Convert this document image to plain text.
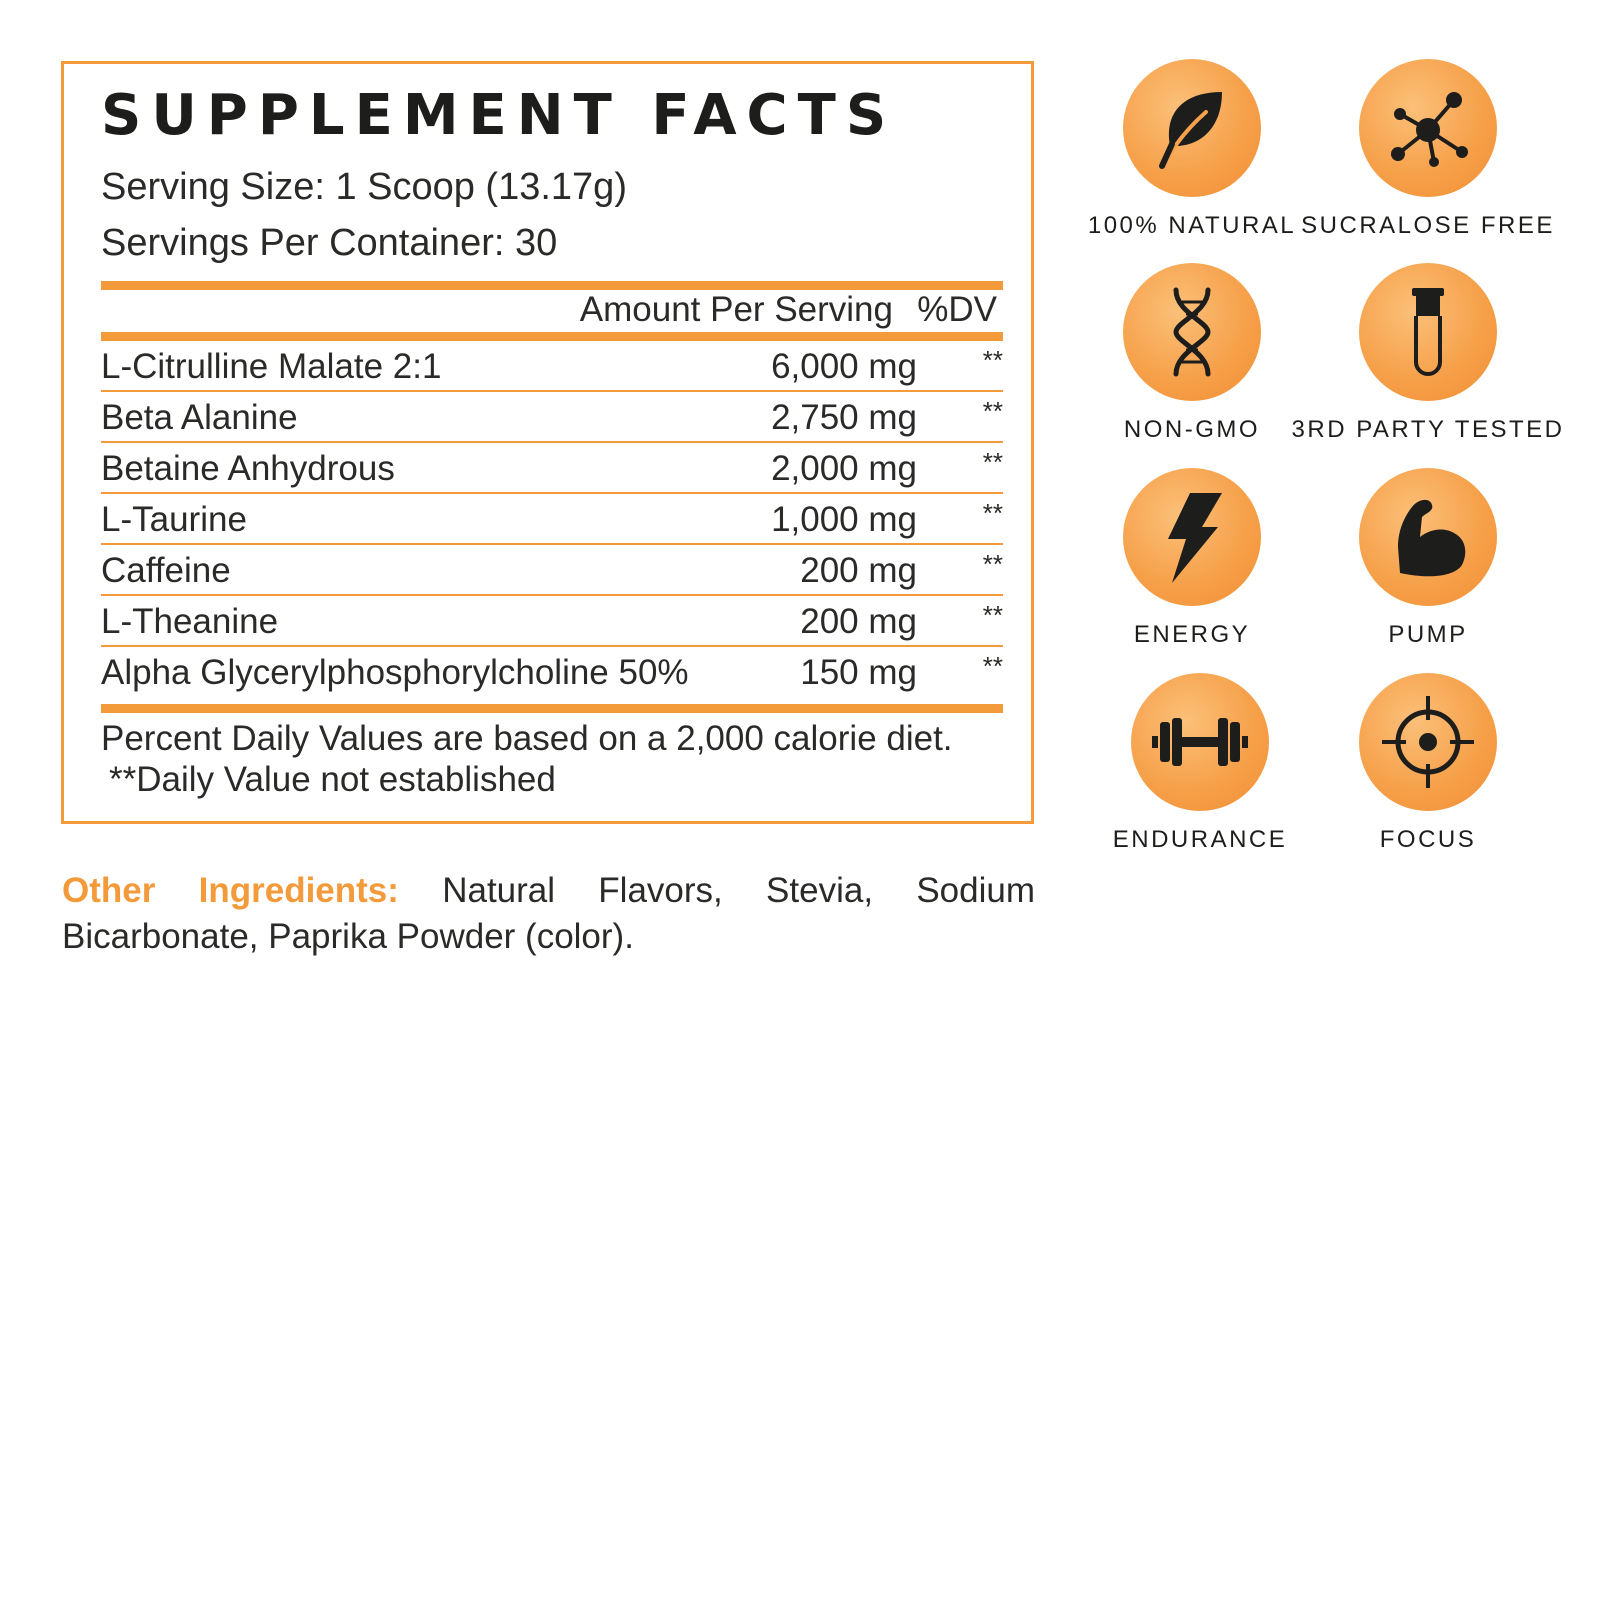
SUPPLEMENT FACTS
Serving Size: 1 Scoop (13.17g)
Servings Per Container: 30
Amount Per Serving %DV
L-Citrulline Malate 2:1	6,000 mg	**
Beta Alanine	2,750 mg	**
Betaine Anhydrous	2,000 mg	**
L-Taurine	1,000 mg	**
Caffeine	200 mg	**
L-Theanine	200 mg	**
Alpha Glycerylphosphorylcholine 50%	150 mg	**
Percent Daily Values are based on a 2,000 calorie diet.
**Daily Value not established

Other Ingredients: Natural Flavors, Stevia, Sodium Bicarbonate, Paprika Powder (color).

100% NATURAL SUCRALOSE FREE
NON-GMO	3RD PARTY TESTED
ENERGY	PUMP
ENDURANCE	FOCUS
